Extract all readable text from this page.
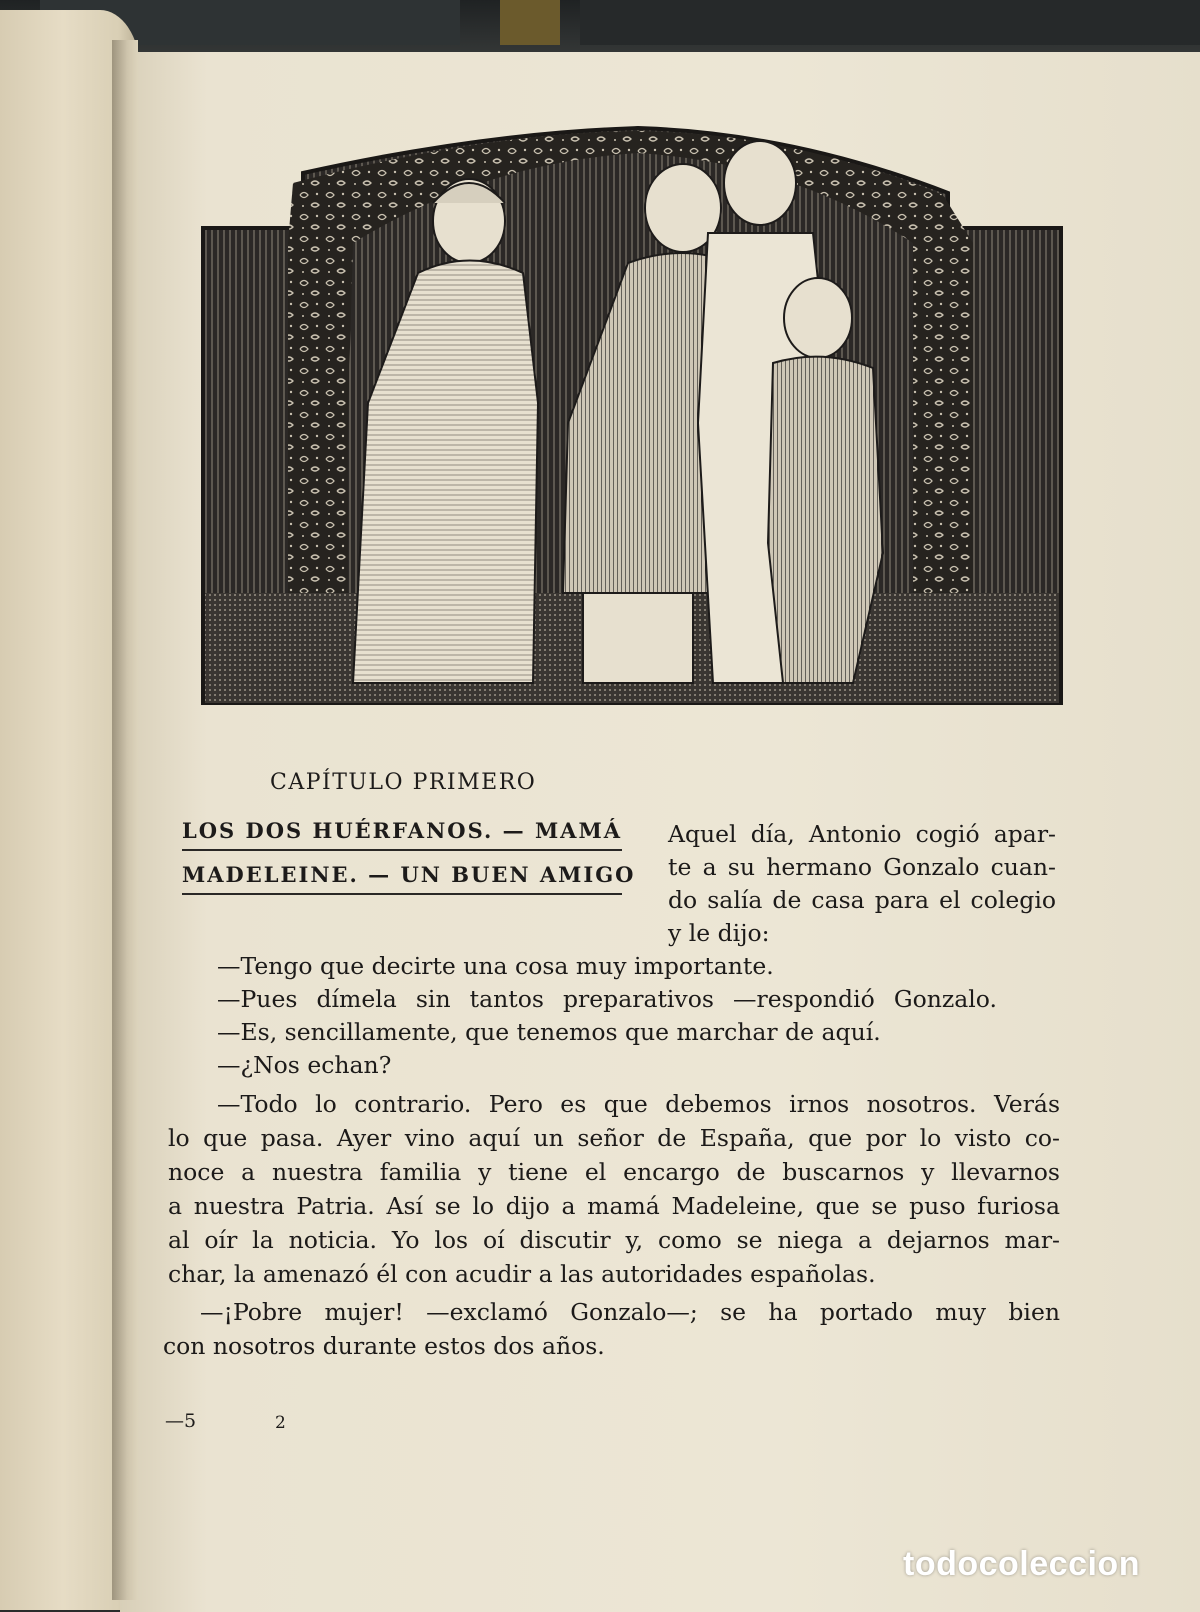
CAPÍTULO PRIMERO
LOS DOS HUÉRFANOS. — MAMÁ
MADELEINE. — UN BUEN AMIGO
Aquel día, Antonio cogió apar-
te a su hermano Gonzalo cuan-
do salía de casa para el colegio
y le dijo:
—Tengo que decirte una cosa muy importante.
—Pues dímela sin tantos preparativos —respondió Gonzalo.
—Es, sencillamente, que tenemos que marchar de aquí.
—¿Nos echan?
—Todo lo contrario. Pero es que debemos irnos nosotros. Verás
lo que pasa. Ayer vino aquí un señor de España, que por lo visto co-
noce a nuestra familia y tiene el encargo de buscarnos y llevarnos
a nuestra Patria. Así se lo dijo a mamá Madeleine, que se puso furiosa
al oír la noticia. Yo los oí discutir y, como se niega a dejarnos mar-
char, la amenazó él con acudir a las autoridades españolas.
—¡Pobre mujer! —exclamó Gonzalo—; se ha portado muy bien
con nosotros durante estos dos años.
—5	2
todocoleccion
